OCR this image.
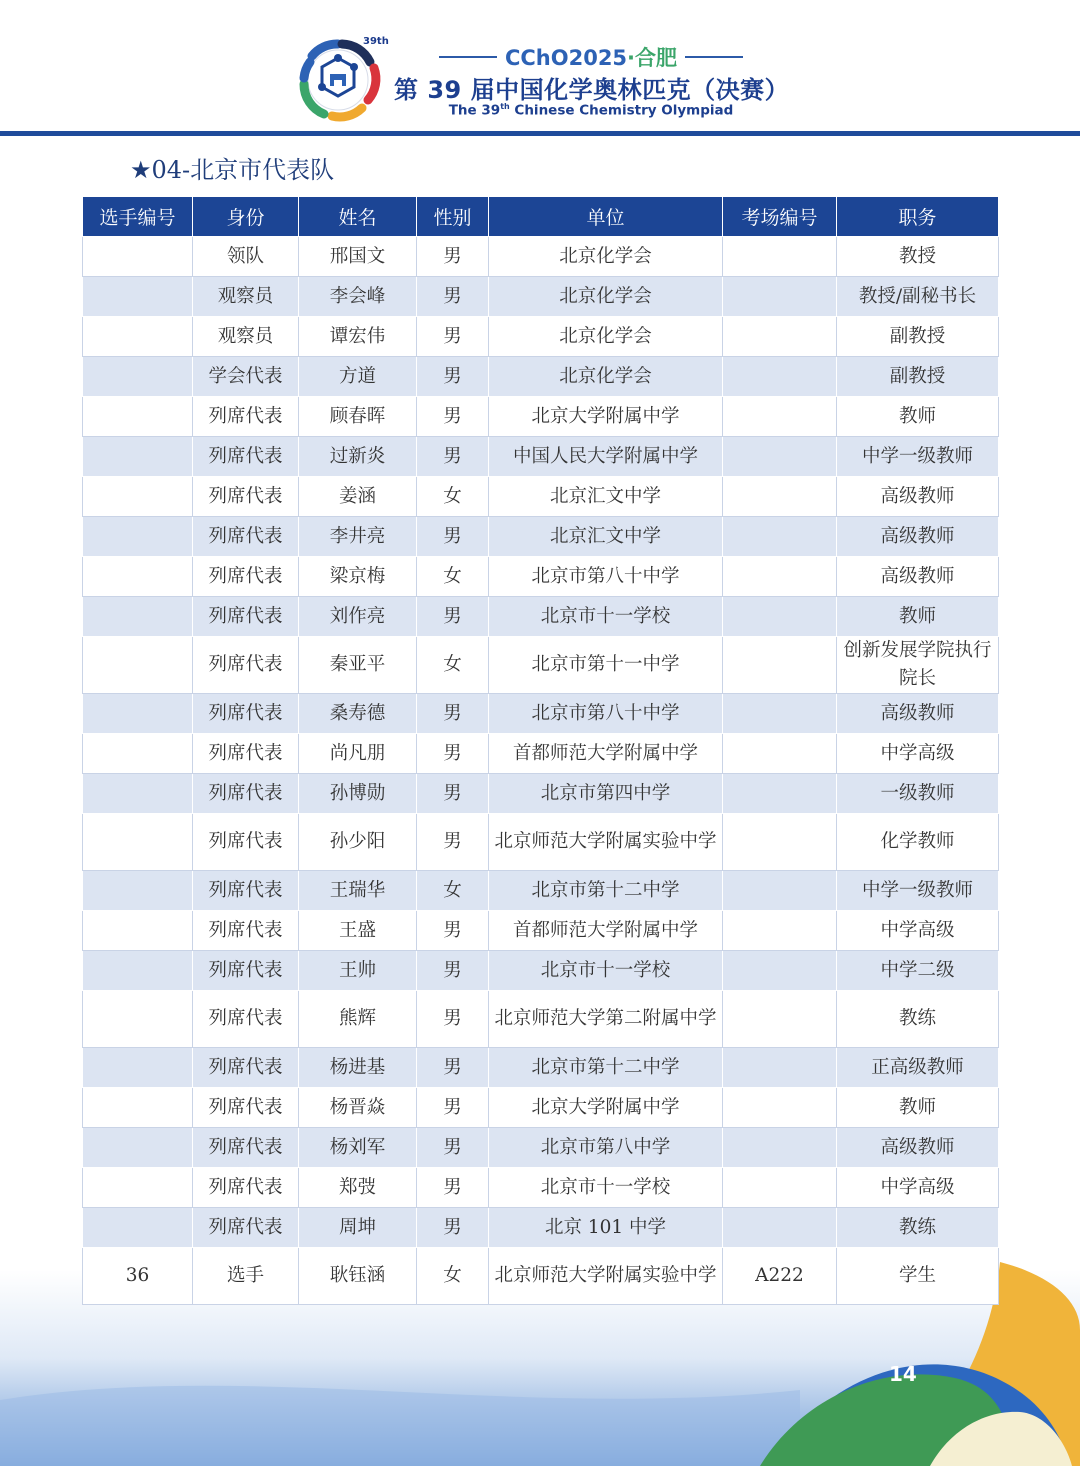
39th
CChO2025·合肥
第 39 届中国化学奥林匹克（决赛）
The 39th Chinese Chemistry Olympiad
★04-北京市代表队
选手编号	身份	姓名	性别	单位	考场编号	职务
	领队	邢国文	男	北京化学会		教授
	观察员	李会峰	男	北京化学会		教授/副秘书长
	观察员	谭宏伟	男	北京化学会		副教授
	学会代表	方道	男	北京化学会		副教授
	列席代表	顾春晖	男	北京大学附属中学		教师
	列席代表	过新炎	男	中国人民大学附属中学		中学一级教师
	列席代表	姜涵	女	北京汇文中学		高级教师
	列席代表	李井亮	男	北京汇文中学		高级教师
	列席代表	梁京梅	女	北京市第八十中学		高级教师
	列席代表	刘作亮	男	北京市十一学校		教师
	列席代表	秦亚平	女	北京市第十一中学		创新发展学院执行院长
	列席代表	桑寿德	男	北京市第八十中学		高级教师
	列席代表	尚凡朋	男	首都师范大学附属中学		中学高级
	列席代表	孙博勋	男	北京市第四中学		一级教师
	列席代表	孙少阳	男	北京师范大学附属实验中学		化学教师
	列席代表	王瑞华	女	北京市第十二中学		中学一级教师
	列席代表	王盛	男	首都师范大学附属中学		中学高级
	列席代表	王帅	男	北京市十一学校		中学二级
	列席代表	熊辉	男	北京师范大学第二附属中学		教练
	列席代表	杨进基	男	北京市第十二中学		正高级教师
	列席代表	杨晋焱	男	北京大学附属中学		教师
	列席代表	杨刘军	男	北京市第八中学		高级教师
	列席代表	郑弢	男	北京市十一学校		中学高级
	列席代表	周坤	男	北京 101 中学		教练
36	选手	耿钰涵	女	北京师范大学附属实验中学	A222	学生
14
